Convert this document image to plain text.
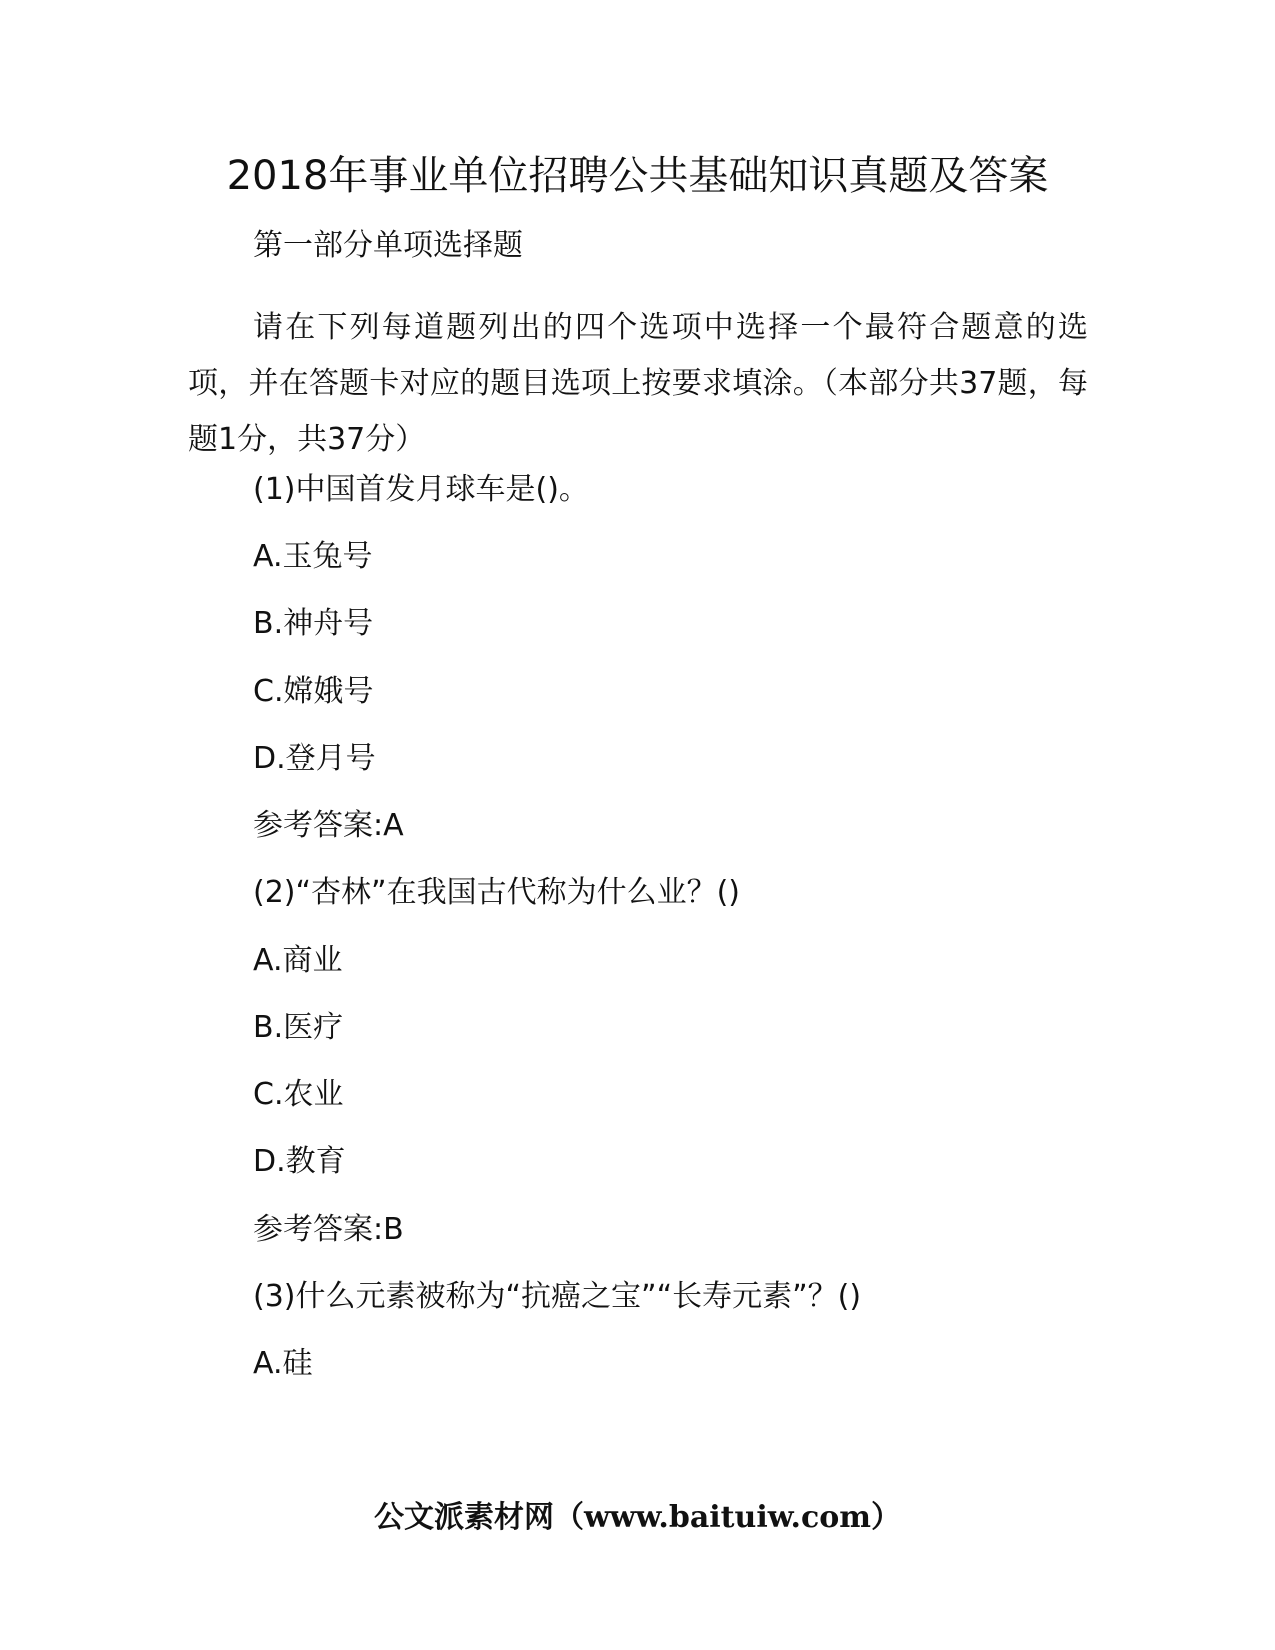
2018年事业单位招聘公共基础知识真题及答案

第一部分单项选择题

请在下列每道题列出的四个选项中选择一个最符合题意的选项，并在答题卡对应的题目选项上按要求填涂。（本部分共37题，每题1分，共37分）

(1)中国首发月球车是()。

A.玉兔号

B.神舟号

C.嫦娥号

D.登月号

参考答案:A

(2)“杏林”在我国古代称为什么业？()

A.商业

B.医疗

C.农业

D.教育

参考答案:B

(3)什么元素被称为“抗癌之宝”“长寿元素”？()

A.硅

公文派素材网（www.baituiw.com）
